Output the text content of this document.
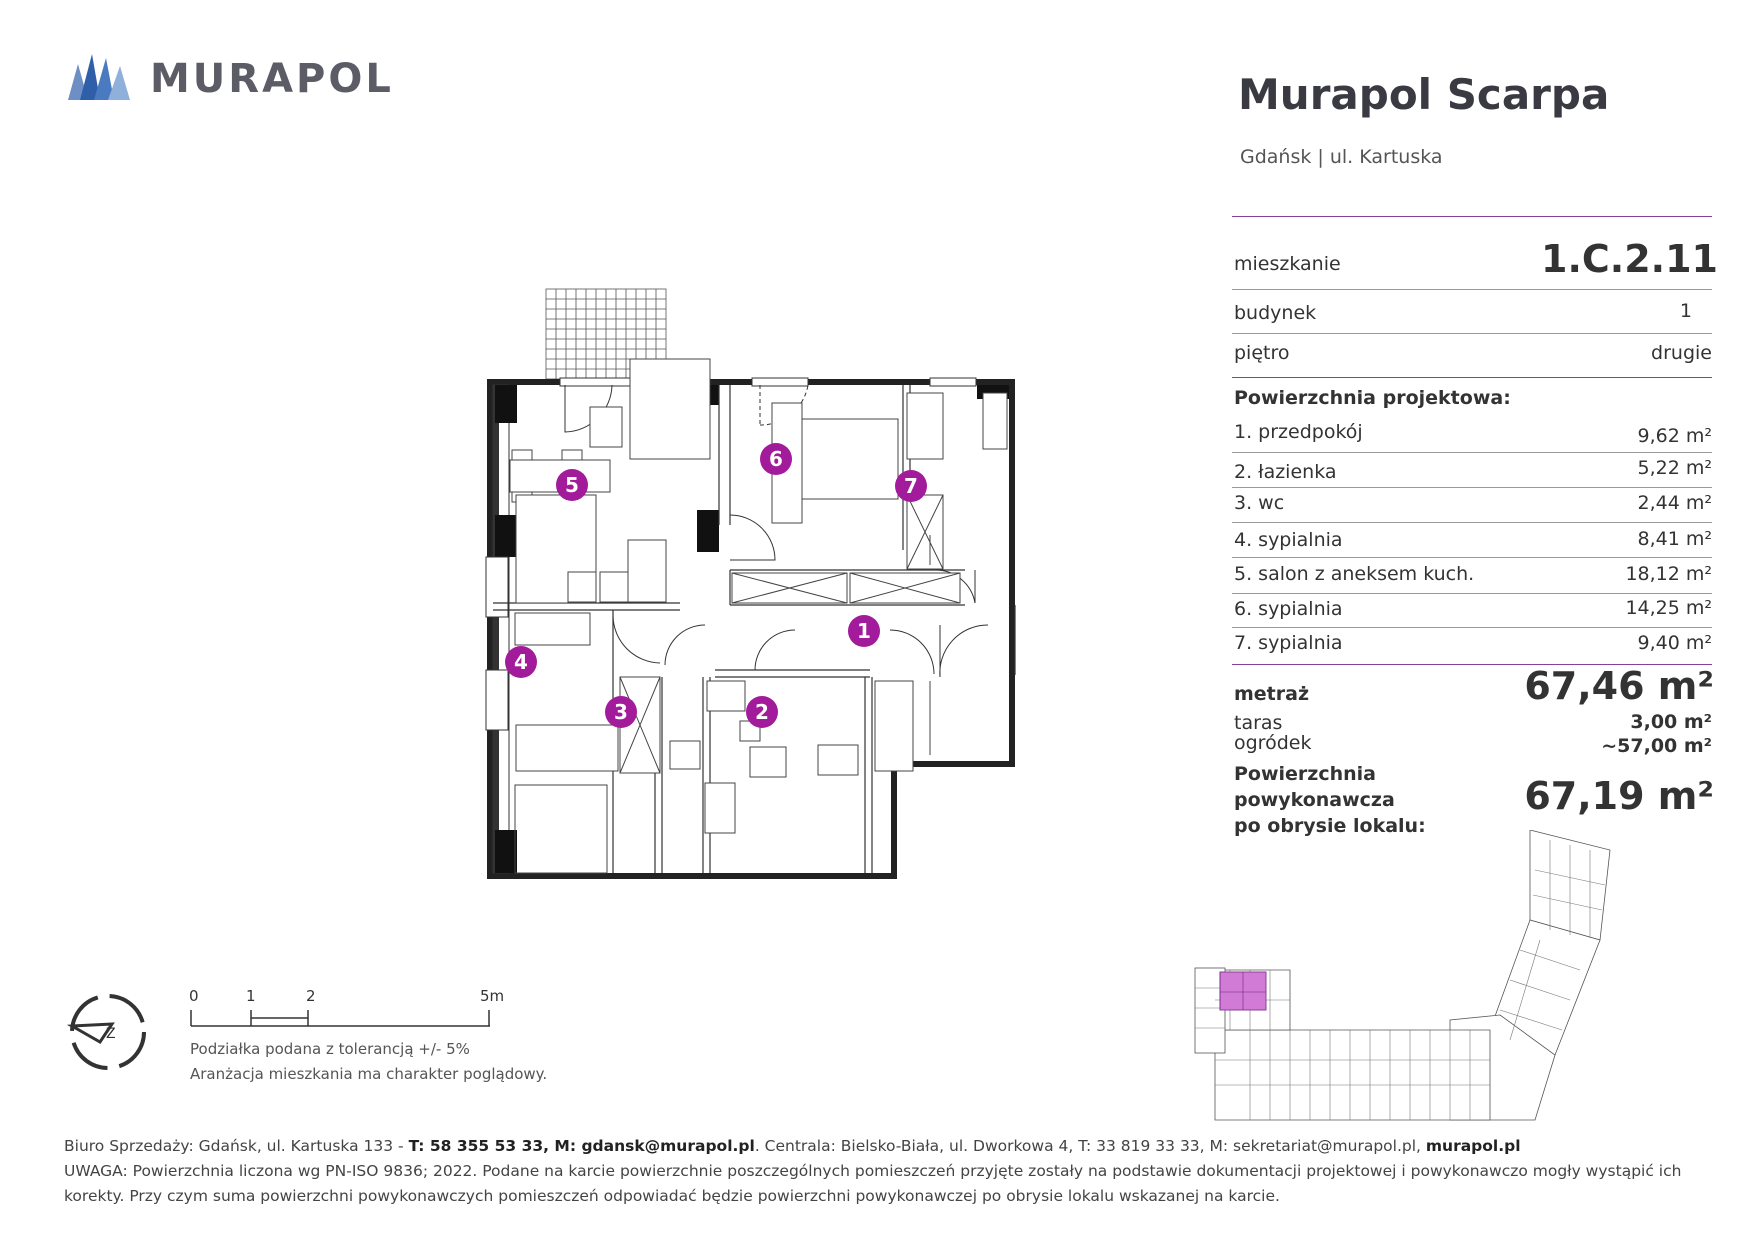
MURAPOL	Murapol Scarpa
Gdańsk | ul. Kartuska
mieszkanie	1.C.2.11
budynek	1
piętro	drugie
Powierzchnia projektowa:
1. przedpokój	9,62 m²
2. łazienka	5,22 m²
3. wc	2,44 m²
4. sypialnia	8,41 m²
5. salon z aneksem kuch.	18,12 m²
6. sypialnia	14,25 m²
7. sypialnia	9,40 m²
metraż	67,46 m²
taras	3,00 m²
ogródek	~57,00 m²
Powierzchnia
powykonawcza
po obrysie lokalu:
67,19 m²
1
2
3
4
5
6
7
Z
0	1	2	5m
Podziałka podana z tolerancją +/- 5%
Aranżacja mieszkania ma charakter poglądowy.
Biuro Sprzedaży: Gdańsk, ul. Kartuska 133 - T: 58 355 53 33, M: gdansk@murapol.pl. Centrala: Bielsko-Biała, ul. Dworkowa 4, T: 33 819 33 33, M: sekretariat@murapol.pl, murapol.pl
UWAGA: Powierzchnia liczona wg PN-ISO 9836; 2022. Podane na karcie powierzchnie poszczególnych pomieszczeń przyjęte zostały na podstawie dokumentacji projektowej i powykonawczo mogły wystąpić ich
korekty. Przy czym suma powierzchni powykonawczych pomieszczeń odpowiadać będzie powierzchni powykonawczej po obrysie lokalu wskazanej na karcie.
